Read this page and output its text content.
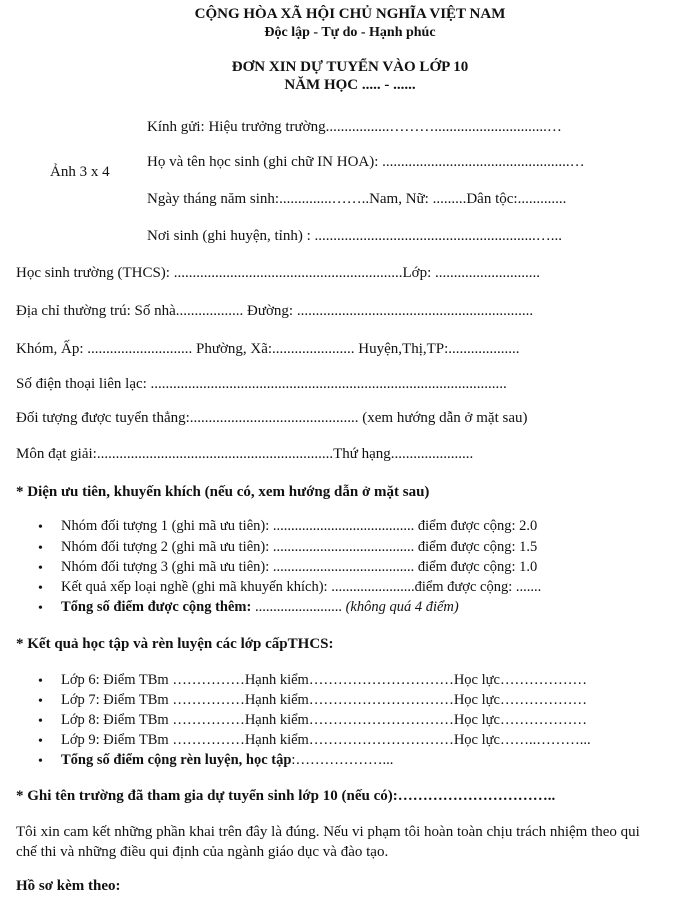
CỘNG HÒA XÃ HỘI CHỦ NGHĨA VIỆT NAM
Độc lập - Tự do - Hạnh phúc
ĐƠN XIN DỰ TUYỂN VÀO LỚP 10
NĂM HỌC ..... - ......
Ảnh 3 x 4
Kính gửi: Hiệu trưởng trường.................………..............................…
Họ và tên học sinh (ghi chữ IN HOA): ..................................................…
Ngày tháng năm sinh:..............……..Nam, Nữ: .........Dân tộc:.............
Nơi sinh (ghi huyện, tỉnh) : ...........................................................…...
Học sinh trường (THCS): .............................................................Lớp: ............................
Địa chỉ thường trú: Số nhà.................. Đường: ...............................................................
Khóm, Ấp: ............................ Phường, Xã:...................... Huyện,Thị,TP:...................
Số điện thoại liên lạc: ...............................................................................................
Đối tượng được tuyển thẳng:............................................. (xem hướng dẫn ở mặt sau)
Môn đạt giải:...............................................................Thứ hạng......................
* Diện ưu tiên, khuyến khích (nếu có, xem hướng dẫn ở mặt sau)
• Nhóm đối tượng 1 (ghi mã ưu tiên): ....................................... điểm được cộng: 2.0
• Nhóm đối tượng 2 (ghi mã ưu tiên): ....................................... điểm được cộng: 1.5
• Nhóm đối tượng 3 (ghi mã ưu tiên): ....................................... điểm được cộng: 1.0
• Kết quả xếp loại nghề (ghi mã khuyến khích): .......................điểm được cộng: .......
• Tổng số điểm được cộng thêm: ........................ (không quá 4 điểm)
* Kết quả học tập và rèn luyện các lớp cấpTHCS:
• Lớp 6: Điểm TBm ……………Hạnh kiểm…………………………Học lực………………
• Lớp 7: Điểm TBm ……………Hạnh kiểm…………………………Học lực………………
• Lớp 8: Điểm TBm ……………Hạnh kiểm…………………………Học lực………………
• Lớp 9: Điểm TBm ……………Hạnh kiểm…………………………Học lực……..………...
• Tổng số điểm cộng rèn luyện, học tập:………………...
* Ghi tên trường đã tham gia dự tuyển sinh lớp 10 (nếu có):…………………………..
Tôi xin cam kết những phần khai trên đây là đúng. Nếu vi phạm tôi hoàn toàn chịu trách nhiệm theo qui
chế thi và những điều qui định của ngành giáo dục và đào tạo.
Hồ sơ kèm theo:
